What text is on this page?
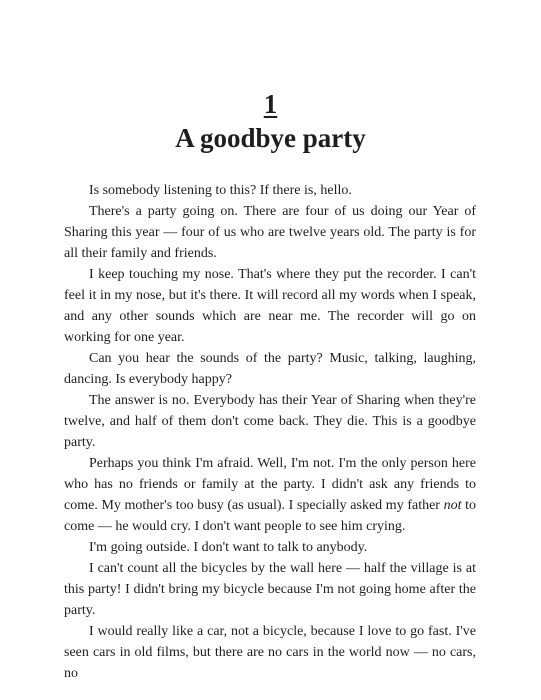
1
A goodbye party

Is somebody listening to this? If there is, hello.

There's a party going on. There are four of us doing our Year of Sharing this year — four of us who are twelve years old. The party is for all their family and friends.

I keep touching my nose. That's where they put the recorder. I can't feel it in my nose, but it's there. It will record all my words when I speak, and any other sounds which are near me. The recorder will go on working for one year.

Can you hear the sounds of the party? Music, talking, laughing, dancing. Is everybody happy?

The answer is no. Everybody has their Year of Sharing when they're twelve, and half of them don't come back. They die. This is a goodbye party.

Perhaps you think I'm afraid. Well, I'm not. I'm the only person here who has no friends or family at the party. I didn't ask any friends to come. My mother's too busy (as usual). I specially asked my father not to come — he would cry. I don't want people to see him crying.

I'm going outside. I don't want to talk to anybody.

I can't count all the bicycles by the wall here — half the village is at this party! I didn't bring my bicycle because I'm not going home after the party.

I would really like a car, not a bicycle, because I love to go fast. I've seen cars in old films, but there are no cars in the world now — no cars, no
